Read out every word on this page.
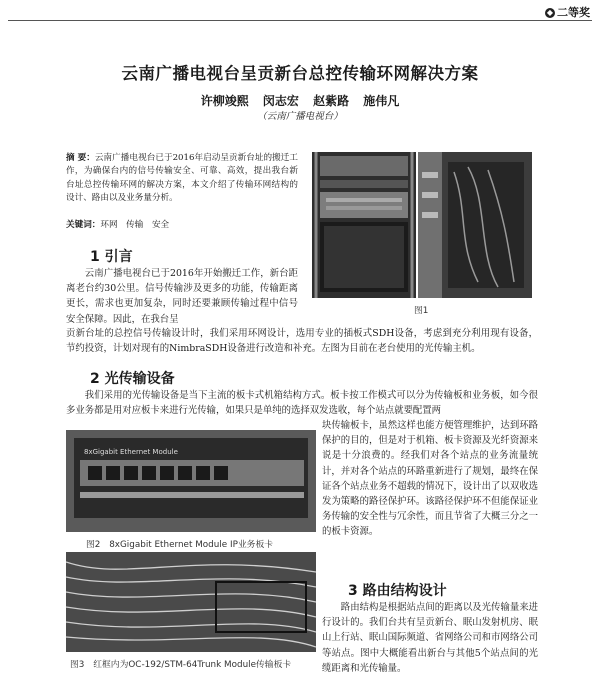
◆ 二等奖
云南广播电视台呈贡新台总控传输环网解决方案
许柳竣熙 闵志宏 赵紫路 施伟凡
（云南广播电视台）
摘 要：云南广播电视台已于2016年启动呈贡新台址的搬迁工作，为确保台内的信号传输安全、可靠、高效，提出我台新台址总控传输环网的解决方案，本文介绍了传输环网结构的设计、路由以及业务量分析。
关键词：环网　传输　安全
图1
1 引言
云南广播电视台已于2016年开始搬迁工作，新台距离老台约30公里。信号传输涉及更多的功能，传输距离更长，需求也更加复杂，同时还要兼顾传输过程中信号安全保障。因此，在我台呈
贡新台址的总控信号传输设计时，我们采用环网设计，选用专业的插板式SDH设备，考虑到充分利用现有设备，节约投资，计划对现有的NimbraSDH设备进行改造和补充。左图为目前在老台使用的光传输主机。
2 光传输设备
我们采用的光传输设备是当下主流的板卡式机箱结构方式。板卡按工作模式可以分为传输板和业务板，如今很多业务都是用对应板卡来进行光传输，如果只是单纯的选择双发选收，每个站点就要配置两
8xGigabit Ethernet Module
图2　8xGigabit Ethernet Module IP业务板卡
块传输板卡，虽然这样也能方便管理维护，达到环路保护的目的，但是对于机箱、板卡资源及光纤资源来说是十分浪费的。经我们对各个站点的业务流量统计，并对各个站点的环路重新进行了规划，最终在保证各个站点业务不超载的情况下，设计出了以双收选发为策略的路径保护环。该路径保护环不但能保证业务传输的安全性与冗余性，而且节省了大概三分之一的板卡资源。
图3　红框内为OC-192/STM-64Trunk Module传输板卡
3 路由结构设计
路由结构是根据站点间的距离以及光传输量来进行设计的。我们台共有呈贡新台、眠山发射机房、眠山上行站、眠山国际频道、省网络公司和市网络公司等站点。图中大概能看出新台与其他5个站点间的光缆距离和光传输量。
